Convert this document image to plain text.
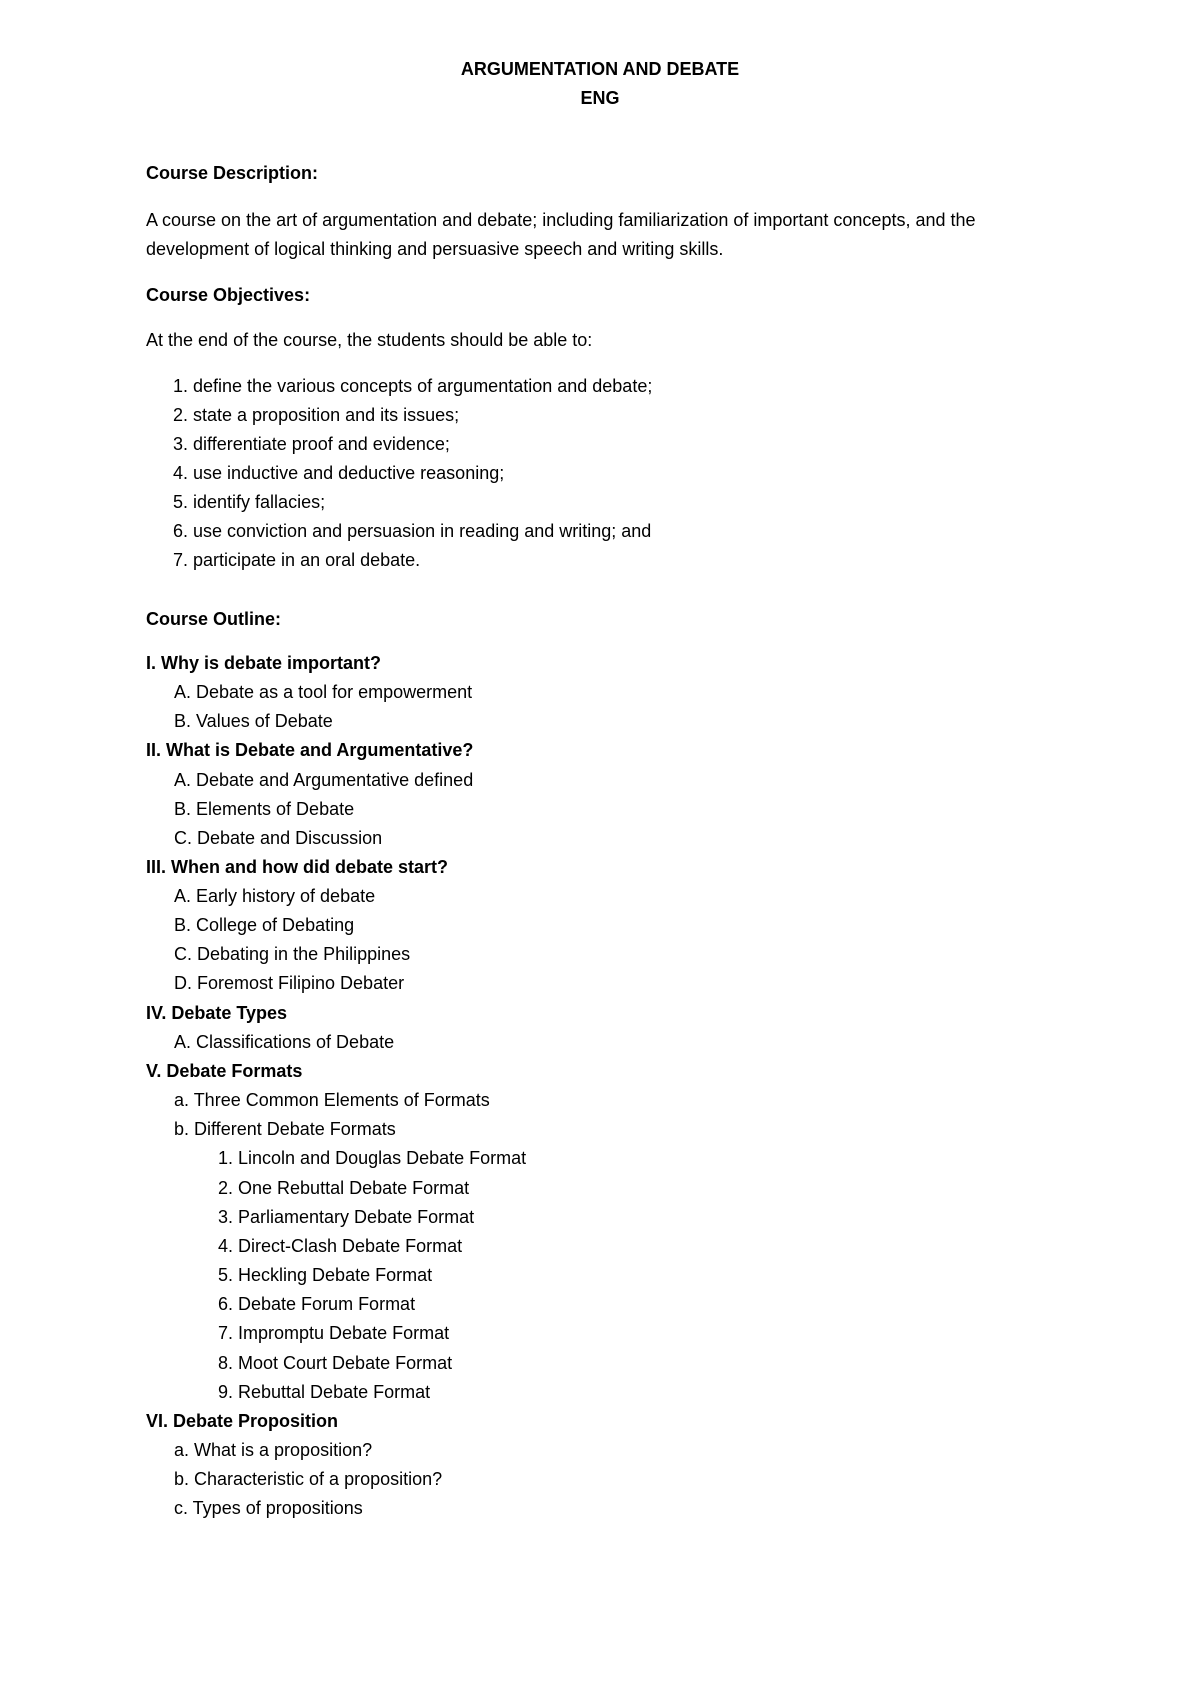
ARGUMENTATION AND DEBATE
ENG
Course Description:
A course on the art of argumentation and debate; including familiarization of important concepts, and the
development of logical thinking and persuasive speech and writing skills.
Course Objectives:
At the end of the course, the students should be able to:
1. define the various concepts of argumentation and debate;
2. state a proposition and its issues;
3. differentiate proof and evidence;
4. use inductive and deductive reasoning;
5. identify fallacies;
6. use conviction and persuasion in reading and writing; and
7. participate in an oral debate.
Course Outline:
I. Why is debate important?
A. Debate as a tool for empowerment
B. Values of Debate
II. What is Debate and Argumentative?
A. Debate and Argumentative defined
B. Elements of Debate
C. Debate and Discussion
III. When and how did debate start?
A. Early history of debate
B. College of Debating
C. Debating in the Philippines
D. Foremost Filipino Debater
IV. Debate Types
A. Classifications of Debate
V. Debate Formats
a. Three Common Elements of Formats
b. Different Debate Formats
1. Lincoln and Douglas Debate Format
2. One Rebuttal Debate Format
3. Parliamentary Debate Format
4. Direct-Clash Debate Format
5. Heckling Debate Format
6. Debate Forum Format
7. Impromptu Debate Format
8. Moot Court Debate Format
9. Rebuttal Debate Format
VI. Debate Proposition
a. What is a proposition?
b. Characteristic of a proposition?
c. Types of propositions
